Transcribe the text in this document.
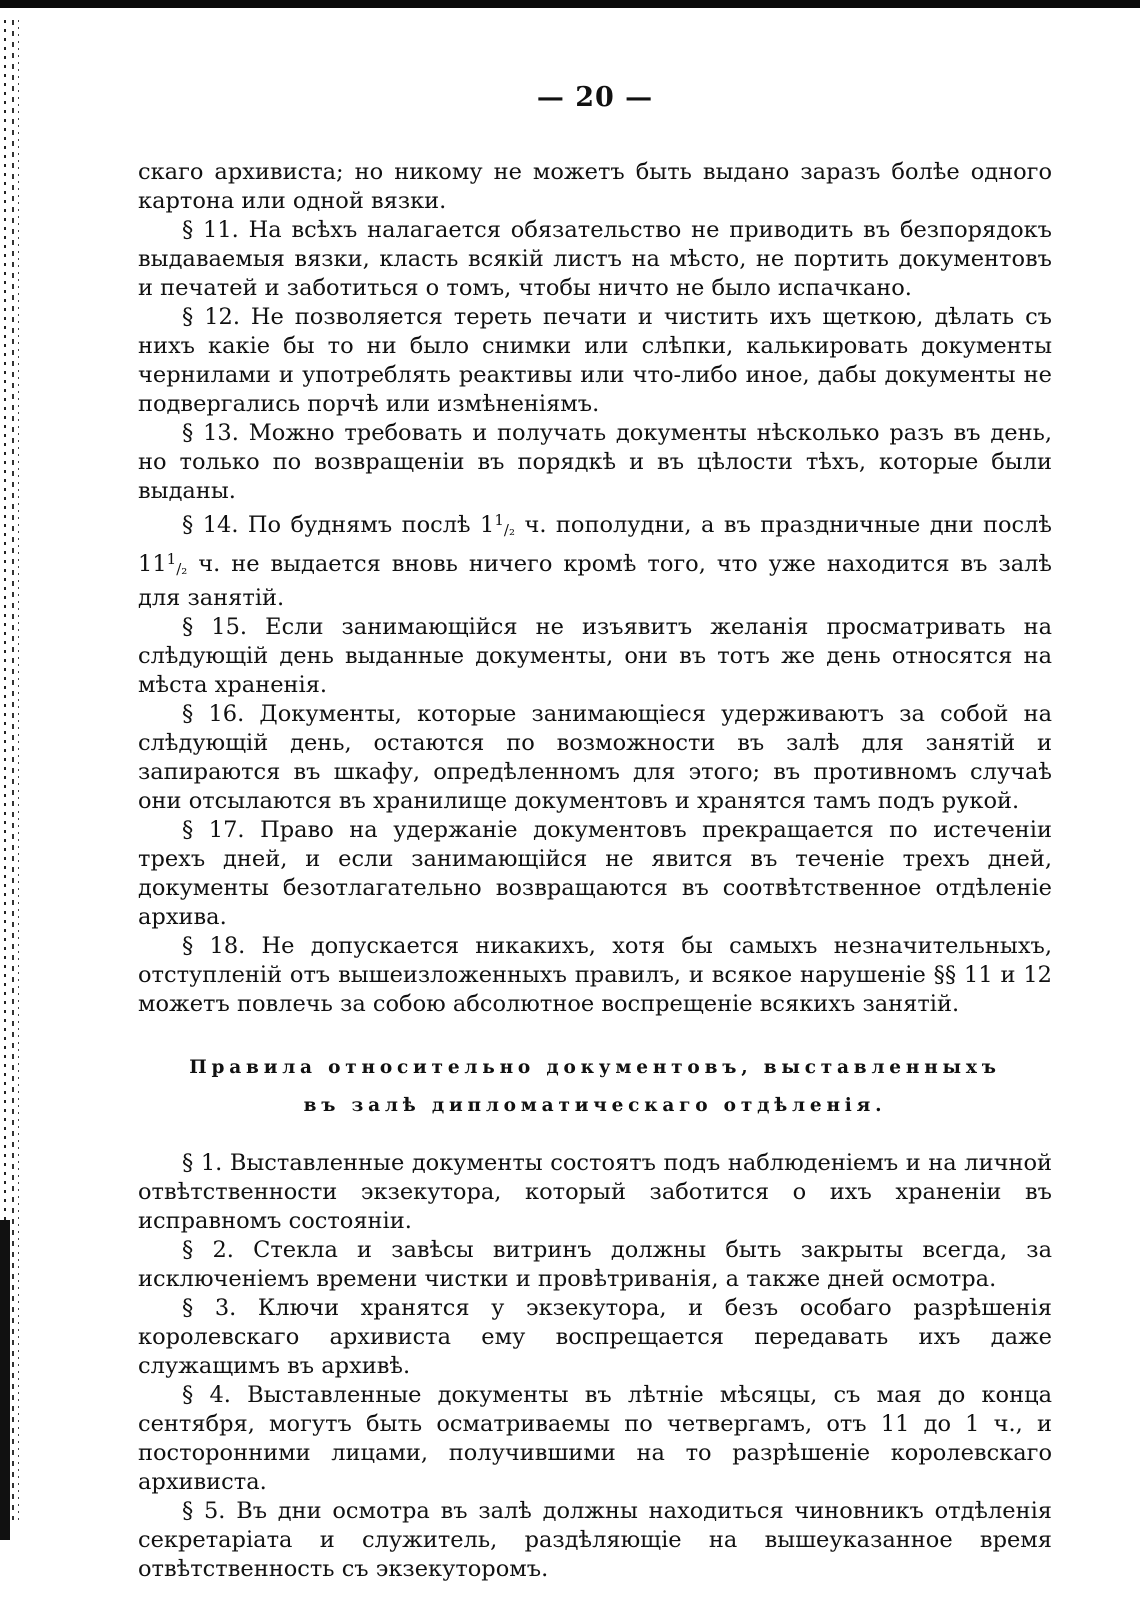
— 20 —

скаго архивиста; но никому не можетъ быть выдано заразъ болѣе одного картона или одной вязки.

§ 11. На всѣхъ налагается обязательство не приводить въ безпорядокъ выдаваемыя вязки, класть всякій листъ на мѣсто, не портить документовъ и печатей и заботиться о томъ, чтобы ничто не было испачкано.

§ 12. Не позволяется тереть печати и чистить ихъ щеткою, дѣлать съ нихъ какіе бы то ни было снимки или слѣпки, калькировать документы чернилами и употреблять реактивы или что-либо иное, дабы документы не подвергались порчѣ или измѣненіямъ.

§ 13. Можно требовать и получать документы нѣсколько разъ въ день, но только по возвращеніи въ порядкѣ и въ цѣлости тѣхъ, которые были выданы.

§ 14. По буднямъ послѣ $1^1/_2$ ч. пополудни, а въ праздничные дни послѣ $11^1/_2$ ч. не выдается вновь ничего кромѣ того, что уже находится въ залѣ для занятій.

§ 15. Если занимающійся не изъявитъ желанія просматривать на слѣдующій день выданные документы, они въ тотъ же день относятся на мѣста храненія.

§ 16. Документы, которые занимающіеся удерживаютъ за собой на слѣдующій день, остаются по возможности въ залѣ для занятій и запираются въ шкафу, опредѣленномъ для этого; въ противномъ случаѣ они отсылаются въ хранилище документовъ и хранятся тамъ подъ рукой.

§ 17. Право на удержаніе документовъ прекращается по истеченіи трехъ дней, и если занимающійся не явится въ теченіе трехъ дней, документы безотлагательно возвращаются въ соотвѣтственное отдѣленіе архива.

§ 18. Не допускается никакихъ, хотя бы самыхъ незначительныхъ, отступленій отъ вышеизложенныхъ правилъ, и всякое нарушеніе §§ 11 и 12 можетъ повлечь за собою абсолютное воспрещеніе всякихъ занятій.

Правила относительно документовъ, выставленныхъ
въ залѣ дипломатическаго отдѣленія.

§ 1. Выставленные документы состоятъ подъ наблюденіемъ и на личной отвѣтственности экзекутора, который заботится о ихъ храненіи въ исправномъ состояніи.

§ 2. Стекла и завѣсы витринъ должны быть закрыты всегда, за исключеніемъ времени чистки и провѣтриванія, а также дней осмотра.

§ 3. Ключи хранятся у экзекутора, и безъ особаго разрѣшенія королевскаго архивиста ему воспрещается передавать ихъ даже служащимъ въ архивѣ.

§ 4. Выставленные документы въ лѣтніе мѣсяцы, съ мая до конца сентября, могутъ быть осматриваемы по четвергамъ, отъ 11 до 1 ч., и посторонними лицами, получившими на то разрѣшеніе королевскаго архивиста.

§ 5. Въ дни осмотра въ залѣ должны находиться чиновникъ отдѣленія секретаріата и служитель, раздѣляющіе на вышеуказанное время отвѣтственность съ экзекуторомъ.
